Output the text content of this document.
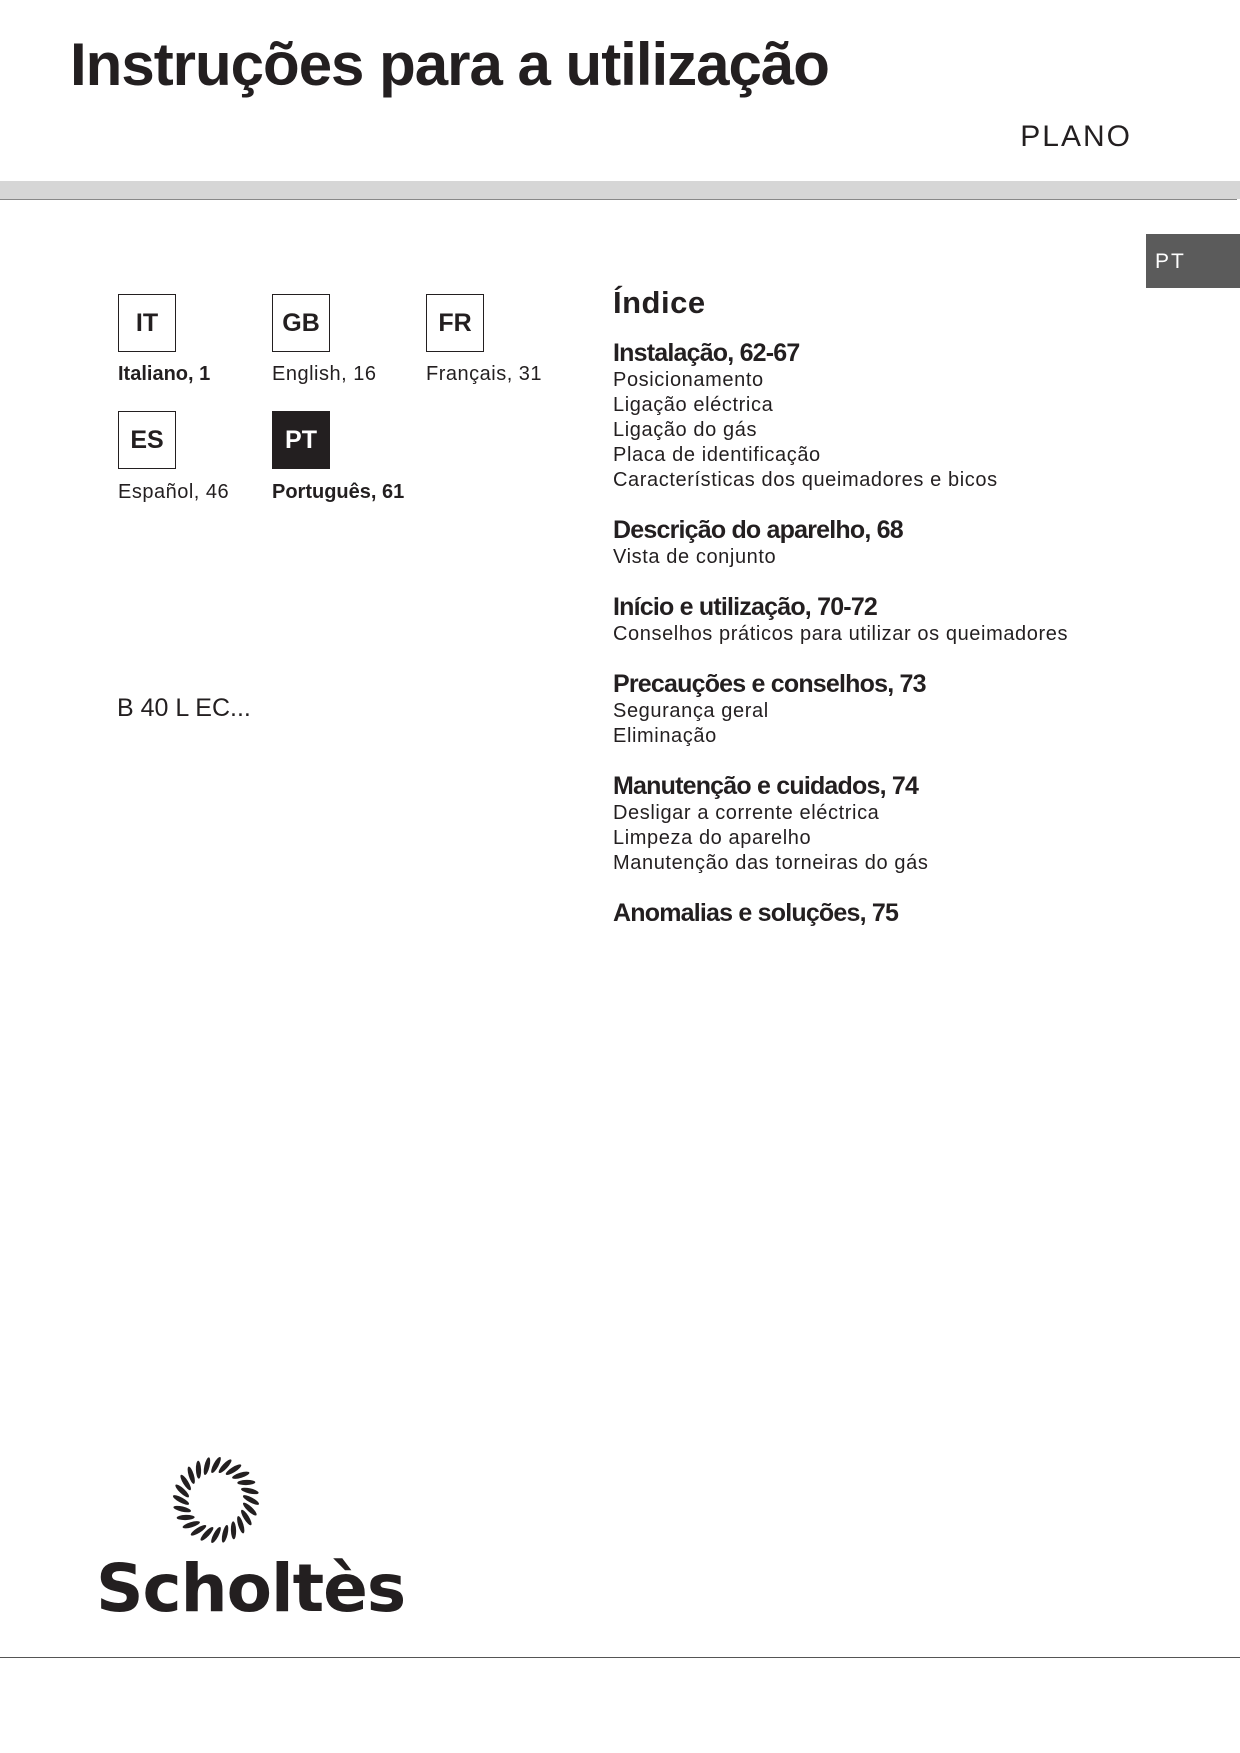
Instruções para a utilização
PLANO
PT
IT
Italiano, 1
GB
English, 16
FR
Français, 31
ES
Español, 46
PT
Português, 61
B 40 L EC...
Índice
Instalação, 62-67
Posicionamento
Ligação eléctrica
Ligação do gás
Placa de identificação
Características dos queimadores e bicos
Descrição do aparelho, 68
Vista de conjunto
Início e utilização, 70-72
Conselhos práticos para utilizar os queimadores
Precauções e conselhos, 73
Segurança geral
Eliminação
Manutenção e cuidados, 74
Desligar a corrente eléctrica
Limpeza do aparelho
Manutenção das torneiras do gás
Anomalias e soluções, 75
Scholtès
